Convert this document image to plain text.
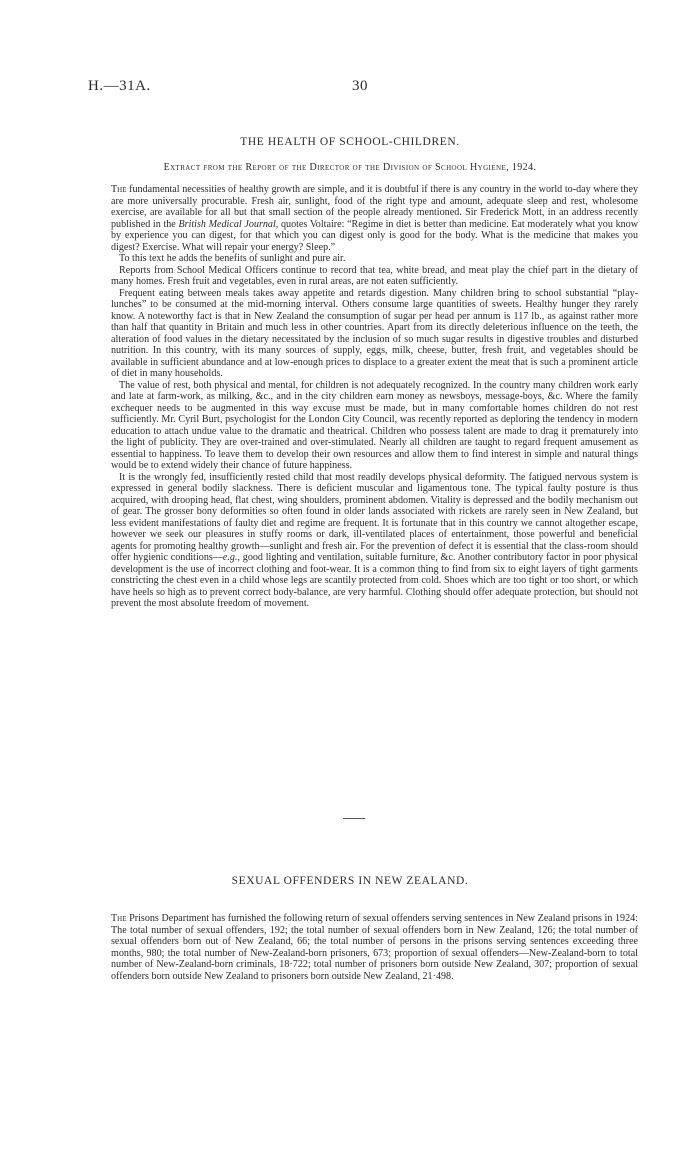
H.—31A.	30
THE HEALTH OF SCHOOL-CHILDREN.
Extract from the Report of the Director of the Division of School Hygiene, 1924.

The fundamental necessities of healthy growth are simple, and it is doubtful if there is any country in the world to-day where they are more universally procurable. Fresh air, sunlight, food of the right type and amount, adequate sleep and rest, wholesome exercise, are available for all but that small section of the people already mentioned. Sir Frederick Mott, in an address recently published in the British Medical Journal, quotes Voltaire: “Regime in diet is better than medicine. Eat moderately what you know by experience you can digest, for that which you can digest only is good for the body. What is the medicine that makes you digest? Exercise. What will repair your energy? Sleep.”

To this text he adds the benefits of sunlight and pure air.

Reports from School Medical Officers continue to record that tea, white bread, and meat play the chief part in the dietary of many homes. Fresh fruit and vegetables, even in rural areas, are not eaten sufficiently.

Frequent eating between meals takes away appetite and retards digestion. Many children bring to school substantial “play-lunches” to be consumed at the mid-morning interval. Others consume large quantities of sweets. Healthy hunger they rarely know. A noteworthy fact is that in New Zealand the consumption of sugar per head per annum is 117 lb., as against rather more than half that quantity in Britain and much less in other countries. Apart from its directly deleterious influence on the teeth, the alteration of food values in the dietary necessitated by the inclusion of so much sugar results in digestive troubles and disturbed nutrition. In this country, with its many sources of supply, eggs, milk, cheese, butter, fresh fruit, and vegetables should be available in sufficient abundance and at low-enough prices to displace to a greater extent the meat that is such a prominent article of diet in many households.

The value of rest, both physical and mental, for children is not adequately recognized. In the country many children work early and late at farm-work, as milking, &c., and in the city children earn money as newsboys, message-boys, &c. Where the family exchequer needs to be augmented in this way excuse must be made, but in many comfortable homes children do not rest sufficiently. Mr. Cyril Burt, psychologist for the London City Council, was recently reported as deploring the tendency in modern education to attach undue value to the dramatic and theatrical. Children who possess talent are made to drag it prematurely into the light of publicity. They are over-trained and over-stimulated. Nearly all children are taught to regard frequent amusement as essential to happiness. To leave them to develop their own resources and allow them to find interest in simple and natural things would be to extend widely their chance of future happiness.

It is the wrongly fed, insufficiently rested child that most readily develops physical deformity. The fatigued nervous system is expressed in general bodily slackness. There is deficient muscular and ligamentous tone. The typical faulty posture is thus acquired, with drooping head, flat chest, wing shoulders, prominent abdomen. Vitality is depressed and the bodily mechanism out of gear. The grosser bony deformities so often found in older lands associated with rickets are rarely seen in New Zealand, but less evident manifestations of faulty diet and regime are frequent. It is fortunate that in this country we cannot altogether escape, however we seek our pleasures in stuffy rooms or dark, ill-ventilated places of entertainment, those powerful and beneficial agents for promoting healthy growth—sunlight and fresh air. For the prevention of defect it is essential that the class-room should offer hygienic conditions—e.g., good lighting and ventilation, suitable furniture, &c. Another contributory factor in poor physical development is the use of incorrect clothing and foot-wear. It is a common thing to find from six to eight layers of tight garments constricting the chest even in a child whose legs are scantily protected from cold. Shoes which are too tight or too short, or which have heels so high as to prevent correct body-balance, are very harmful. Clothing should offer adequate protection, but should not prevent the most absolute freedom of movement.

SEXUAL OFFENDERS IN NEW ZEALAND.

The Prisons Department has furnished the following return of sexual offenders serving sentences in New Zealand prisons in 1924: The total number of sexual offenders, 192; the total number of sexual offenders born in New Zealand, 126; the total number of sexual offenders born out of New Zealand, 66; the total number of persons in the prisons serving sentences exceeding three months, 980; the total number of New-Zealand-born prisoners, 673; proportion of sexual offenders—New-Zealand-born to total number of New-Zealand-born criminals, 18·722; total number of prisoners born outside New Zealand, 307; proportion of sexual offenders born outside New Zealand to prisoners born outside New Zealand, 21·498.
